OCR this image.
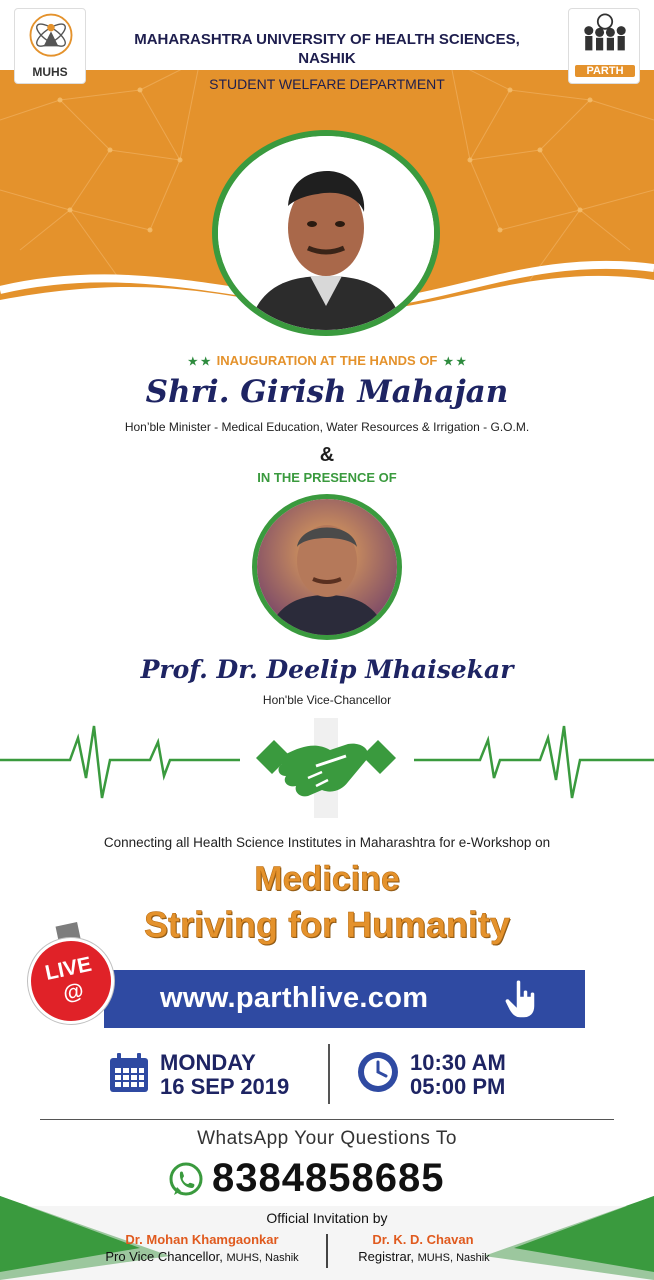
MUHS	PARTH
MAHARASHTRA UNIVERSITY OF HEALTH SCIENCES,
NASHIK
STUDENT WELFARE DEPARTMENT
★ ★ INAUGURATION AT THE HANDS OF ★ ★
Shri. Girish Mahajan
Hon’ble Minister - Medical Education, Water Resources & Irrigation - G.O.M.
&
IN THE PRESENCE OF
Prof. Dr. Deelip Mhaisekar
Hon'ble Vice-Chancellor
Connecting all Health Science Institutes in Maharashtra for e-Workshop on
Medicine
Striving for Humanity
www.parthlive.com
LIVE
@
MONDAY
16 SEP 2019
10:30 AM
05:00 PM
WhatsApp Your Questions To
8384858685
Official Invitation by
Dr. Mohan Khamgaonkar
Pro Vice Chancellor, MUHS, Nashik
Dr. K. D. Chavan
Registrar, MUHS, Nashik
